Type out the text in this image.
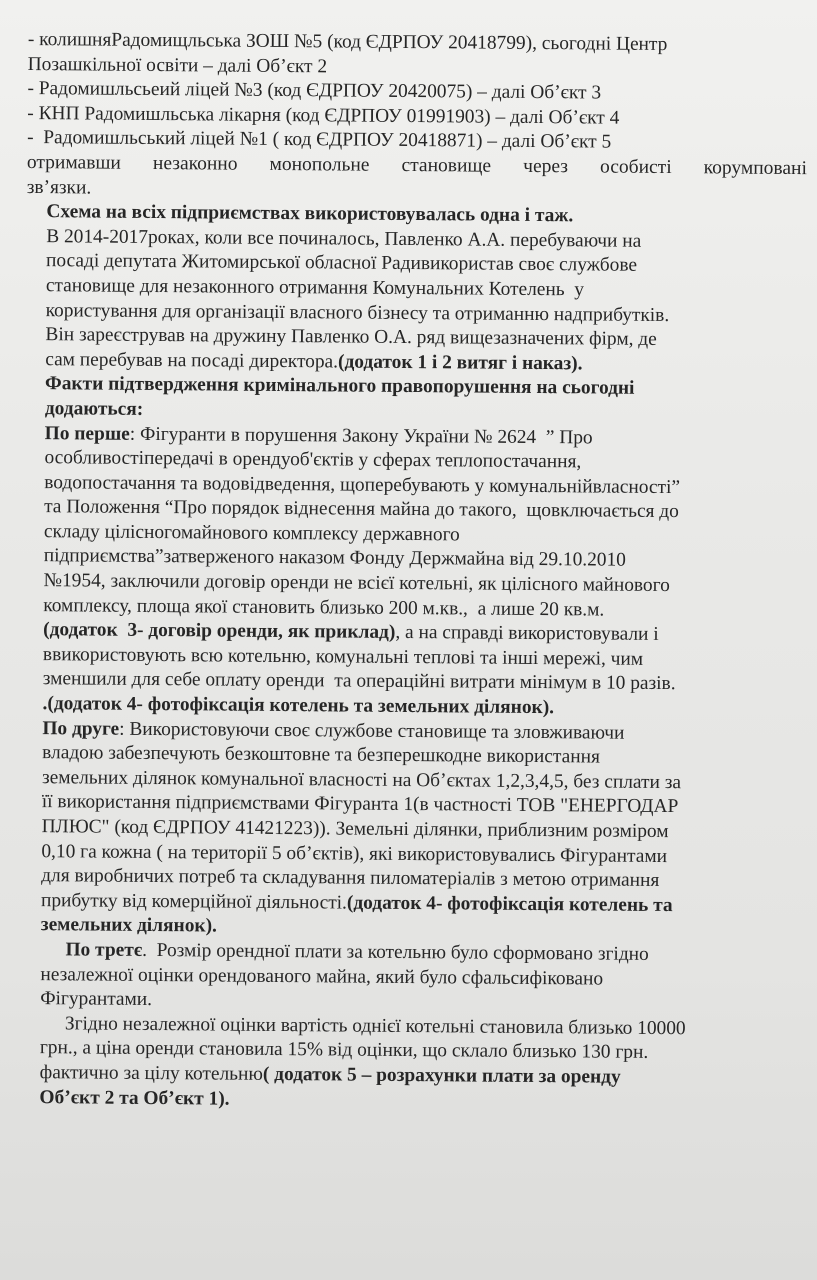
- колишняРадомищльська ЗОШ №5 (код ЄДРПОУ 20418799), сьогодні Центр
Позашкільної освіти – далі Об’єкт 2
- Радомишльсьеий ліцей №3 (код ЄДРПОУ 20420075) – далі Об’єкт 3
- КНП Радомишльська лікарня (код ЄДРПОУ 01991903) – далі Об’єкт 4
-  Радомишльський ліцей №1 ( код ЄДРПОУ 20418871) – далі Об’єкт 5
отримавши незаконно монопольне становище через особисті корумповані
зв’язки.
Схема на всіх підприємствах використовувалась одна і таж.
В 2014-2017роках, коли все починалось, Павленко А.А. перебуваючи на
посаді депутата Житомирської обласної Радивикористав своє службове
становище для незаконного отримання Комунальних Котелень  у
користування для організації власного бізнесу та отриманню надприбутків.
Він зареєстрував на дружину Павленко О.А. ряд вищезазначених фірм, де
сам перебував на посаді директора.(додаток 1 і 2 витяг і наказ).
Факти підтвердження кримінального правопорушення на сьогодні
додаються:
По перше: Фігуранти в порушення Закону України № 2624  ” Про
особливостіпередачі в орендуоб'єктів у сферах теплопостачання,
водопостачання та водовідведення, щоперебувають у комунальнійвласності”
та Положення “Про порядок віднесення майна до такого,  щовключається до
складу цілісногомайнового комплексу державного
підприємства”затверженого наказом Фонду Держмайна від 29.10.2010
№1954, заключили договір оренди не всієї котельні, як цілісного майнового
комплексу, площа якої становить близько 200 м.кв.,  а лише 20 кв.м.
(додаток  3- договір оренди, як приклад), а на справді використовували і
ввикористовують всю котельню, комунальні теплові та інші мережі, чим
зменшили для себе оплату оренди  та операційні витрати мінімум в 10 разів.
.(додаток 4- фотофіксація котелень та земельних ділянок).
По друге: Використовуючи своє службове становище та зловживаючи
владою забезпечують безкоштовне та безперешкодне використання
земельних ділянок комунальної власності на Об’єктах 1,2,3,4,5, без сплати за
її використання підприємствами Фігуранта 1(в частності ТОВ "ЕНЕРГОДАР
ПЛЮС" (код ЄДРПОУ 41421223)). Земельні ділянки, приблизним розміром
0,10 га кожна ( на території 5 об’єктів), які використовувались Фігурантами
для виробничих потреб та складування пиломатеріалів з метою отримання
прибутку від комерційної діяльності.(додаток 4- фотофіксація котелень та
земельних ділянок).
По третє.  Розмір орендної плати за котельню було сформовано згідно
незалежної оцінки орендованого майна, який було сфальсифіковано
Фігурантами.
Згідно незалежної оцінки вартість однієї котельні становила близько 10000
грн., а ціна оренди становила 15% від оцінки, що склало близько 130 грн.
фактично за цілу котельню( додаток 5 – розрахунки плати за оренду
Об’єкт 2 та Об’єкт 1).
